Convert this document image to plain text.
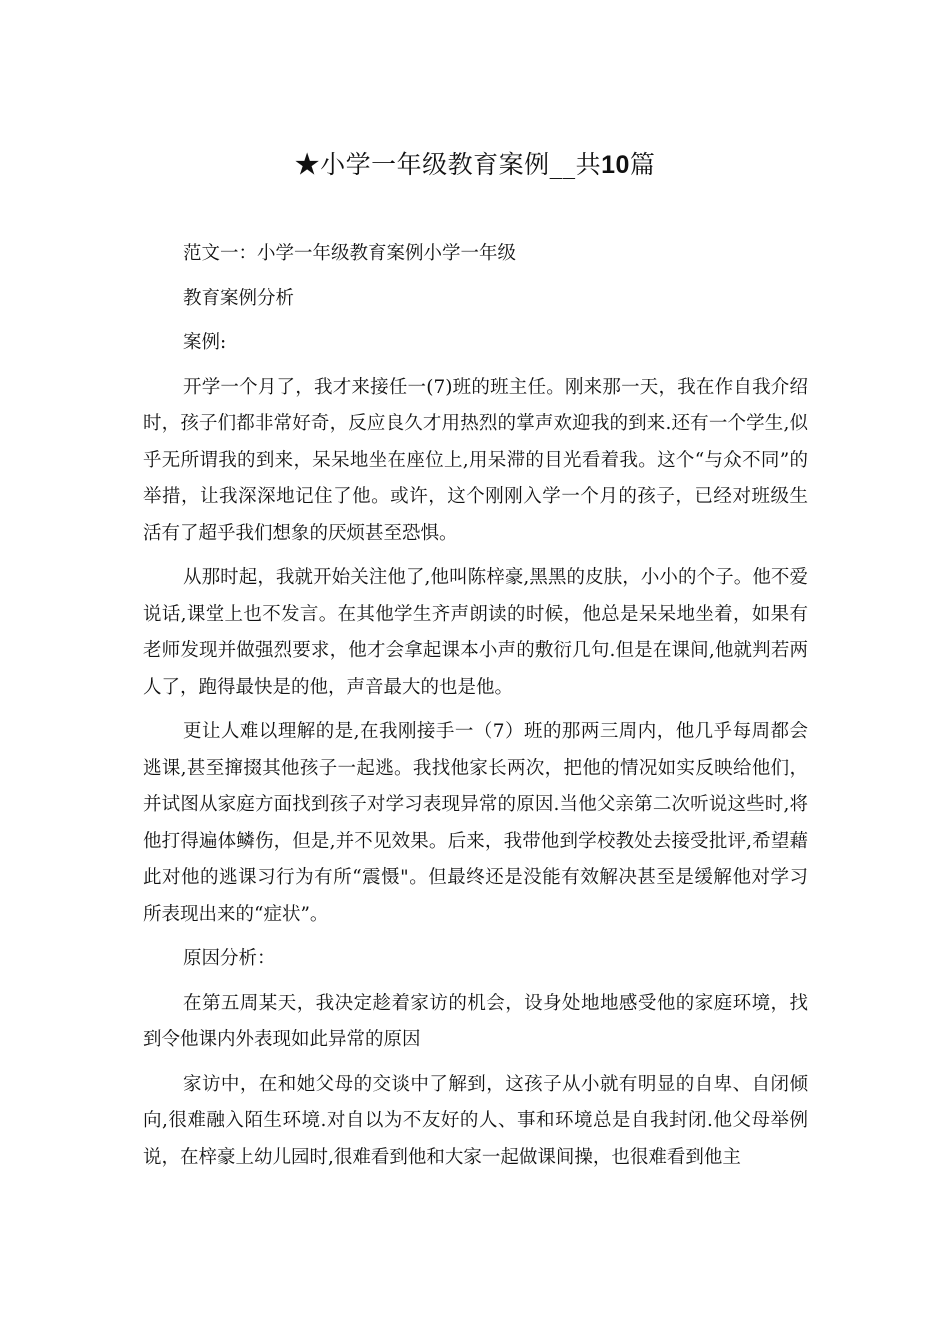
★小学一年级教育案例__共10篇

范文一：小学一年级教育案例小学一年级

教育案例分析

案例:

开学一个月了，我才来接任一(7)班的班主任。刚来那一天，我在作自我介绍时，孩子们都非常好奇，反应良久才用热烈的掌声欢迎我的到来.还有一个学生,似乎无所谓我的到来，呆呆地坐在座位上,用呆滞的目光看着我。这个“与众不同”的举措，让我深深地记住了他。或许，这个刚刚入学一个月的孩子，已经对班级生活有了超乎我们想象的厌烦甚至恐惧。

从那时起，我就开始关注他了,他叫陈梓豪,黑黑的皮肤，小小的个子。他不爱说话,课堂上也不发言。在其他学生齐声朗读的时候，他总是呆呆地坐着，如果有老师发现并做强烈要求，他才会拿起课本小声的敷衍几句.但是在课间,他就判若两人了，跑得最快是的他，声音最大的也是他。

更让人难以理解的是,在我刚接手一（7）班的那两三周内，他几乎每周都会逃课,甚至撺掇其他孩子一起逃。我找他家长两次，把他的情况如实反映给他们，并试图从家庭方面找到孩子对学习表现异常的原因.当他父亲第二次听说这些时,将他打得遍体鳞伤，但是,并不见效果。后来，我带他到学校教处去接受批评,希望藉此对他的逃课习行为有所“震慑"。但最终还是没能有效解决甚至是缓解他对学习所表现出来的“症状”。

原因分析：

在第五周某天，我决定趁着家访的机会，设身处地地感受他的家庭环境，找到令他课内外表现如此异常的原因

家访中，在和她父母的交谈中了解到，这孩子从小就有明显的自卑、自闭倾向,很难融入陌生环境.对自以为不友好的人、事和环境总是自我封闭.他父母举例说，在梓豪上幼儿园时,很难看到他和大家一起做课间操，也很难看到他主
